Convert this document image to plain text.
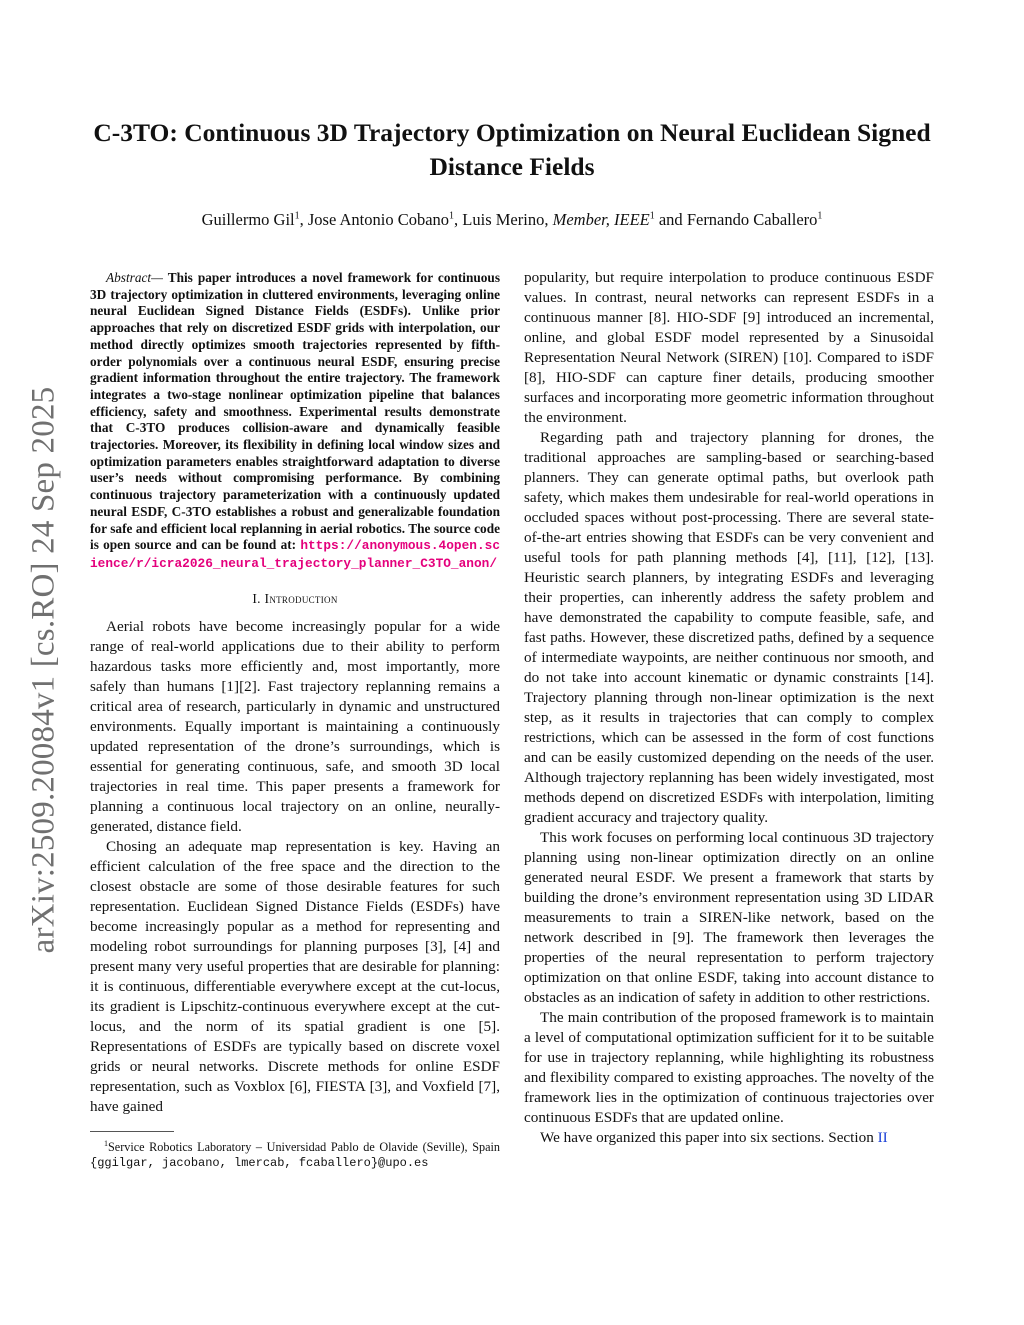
arXiv:2509.20084v1 [cs.RO] 24 Sep 2025
C-3TO: Continuous 3D Trajectory Optimization on Neural Euclidean Signed Distance Fields
Guillermo Gil$^1$, Jose Antonio Cobano$^1$, Luis Merino, Member, IEEE$^1$ and Fernando Caballero$^1$

Abstract— This paper introduces a novel framework for continuous 3D trajectory optimization in cluttered environments, leveraging online neural Euclidean Signed Distance Fields (ESDFs). Unlike prior approaches that rely on discretized ESDF grids with interpolation, our method directly optimizes smooth trajectories represented by fifth-order polynomials over a continuous neural ESDF, ensuring precise gradient information throughout the entire trajectory. The framework integrates a two-stage nonlinear optimization pipeline that balances efficiency, safety and smoothness. Experimental results demonstrate that C-3TO produces collision-aware and dynamically feasible trajectories. Moreover, its flexibility in defining local window sizes and optimization parameters enables straightforward adaptation to diverse user’s needs without compromising performance. By combining continuous trajectory parameterization with a continuously updated neural ESDF, C-3TO establishes a robust and generalizable foundation for safe and efficient local replanning in aerial robotics. The source code is open source and can be found at: https://anonymous.4open.science/r/icra2026_neural_trajectory_planner_C3TO_anon/

I. Introduction

Aerial robots have become increasingly popular for a wide range of real-world applications due to their ability to perform hazardous tasks more efficiently and, most importantly, more safely than humans [1][2]. Fast trajectory replanning remains a critical area of research, particularly in dynamic and unstructured environments. Equally important is maintaining a continuously updated representation of the drone’s surroundings, which is essential for generating continuous, safe, and smooth 3D local trajectories in real time. This paper presents a framework for planning a continuous local trajectory on an online, neurally-generated, distance field.

Chosing an adequate map representation is key. Having an efficient calculation of the free space and the direction to the closest obstacle are some of those desirable features for such representation. Euclidean Signed Distance Fields (ESDFs) have become increasingly popular as a method for representing and modeling robot surroundings for planning purposes [3], [4] and present many very useful properties that are desirable for planning: it is continuous, differentiable everywhere except at the cut-locus, its gradient is Lipschitz-continuous everywhere except at the cut-locus, and the norm of its spatial gradient is one [5]. Representations of ESDFs are typically based on discrete voxel grids or neural networks. Discrete methods for online ESDF representation, such as Voxblox [6], FIESTA [3], and Voxfield [7], have gained

$^1$Service Robotics Laboratory – Universidad Pablo de Olavide (Seville), Spain {ggilgar, jacobano, lmercab, fcaballero}@upo.es

popularity, but require interpolation to produce continuous ESDF values. In contrast, neural networks can represent ESDFs in a continuous manner [8]. HIO-SDF [9] introduced an incremental, online, and global ESDF model represented by a Sinusoidal Representation Neural Network (SIREN) [10]. Compared to iSDF [8], HIO-SDF can capture finer details, producing smoother surfaces and incorporating more geometric information throughout the environment.

Regarding path and trajectory planning for drones, the traditional approaches are sampling-based or searching-based planners. They can generate optimal paths, but overlook path safety, which makes them undesirable for real-world operations in occluded spaces without post-processing. There are several state-of-the-art entries showing that ESDFs can be very convenient and useful tools for path planning methods [4], [11], [12], [13]. Heuristic search planners, by integrating ESDFs and leveraging their properties, can inherently address the safety problem and have demonstrated the capability to compute feasible, safe, and fast paths. However, these discretized paths, defined by a sequence of intermediate waypoints, are neither continuous nor smooth, and do not take into account kinematic or dynamic constraints [14]. Trajectory planning through non-linear optimization is the next step, as it results in trajectories that can comply to complex restrictions, which can be assessed in the form of cost functions and can be easily customized depending on the needs of the user. Although trajectory replanning has been widely investigated, most methods depend on discretized ESDFs with interpolation, limiting gradient accuracy and trajectory quality.

This work focuses on performing local continuous 3D trajectory planning using non-linear optimization directly on an online generated neural ESDF. We present a framework that starts by building the drone’s environment representation using 3D LIDAR measurements to train a SIREN-like network, based on the network described in [9]. The framework then leverages the properties of the neural representation to perform trajectory optimization on that online ESDF, taking into account distance to obstacles as an indication of safety in addition to other restrictions.

The main contribution of the proposed framework is to maintain a level of computational optimization sufficient for it to be suitable for use in trajectory replanning, while highlighting its robustness and flexibility compared to existing approaches. The novelty of the framework lies in the optimization of continuous trajectories over continuous ESDFs that are updated online.

We have organized this paper into six sections. Section II
